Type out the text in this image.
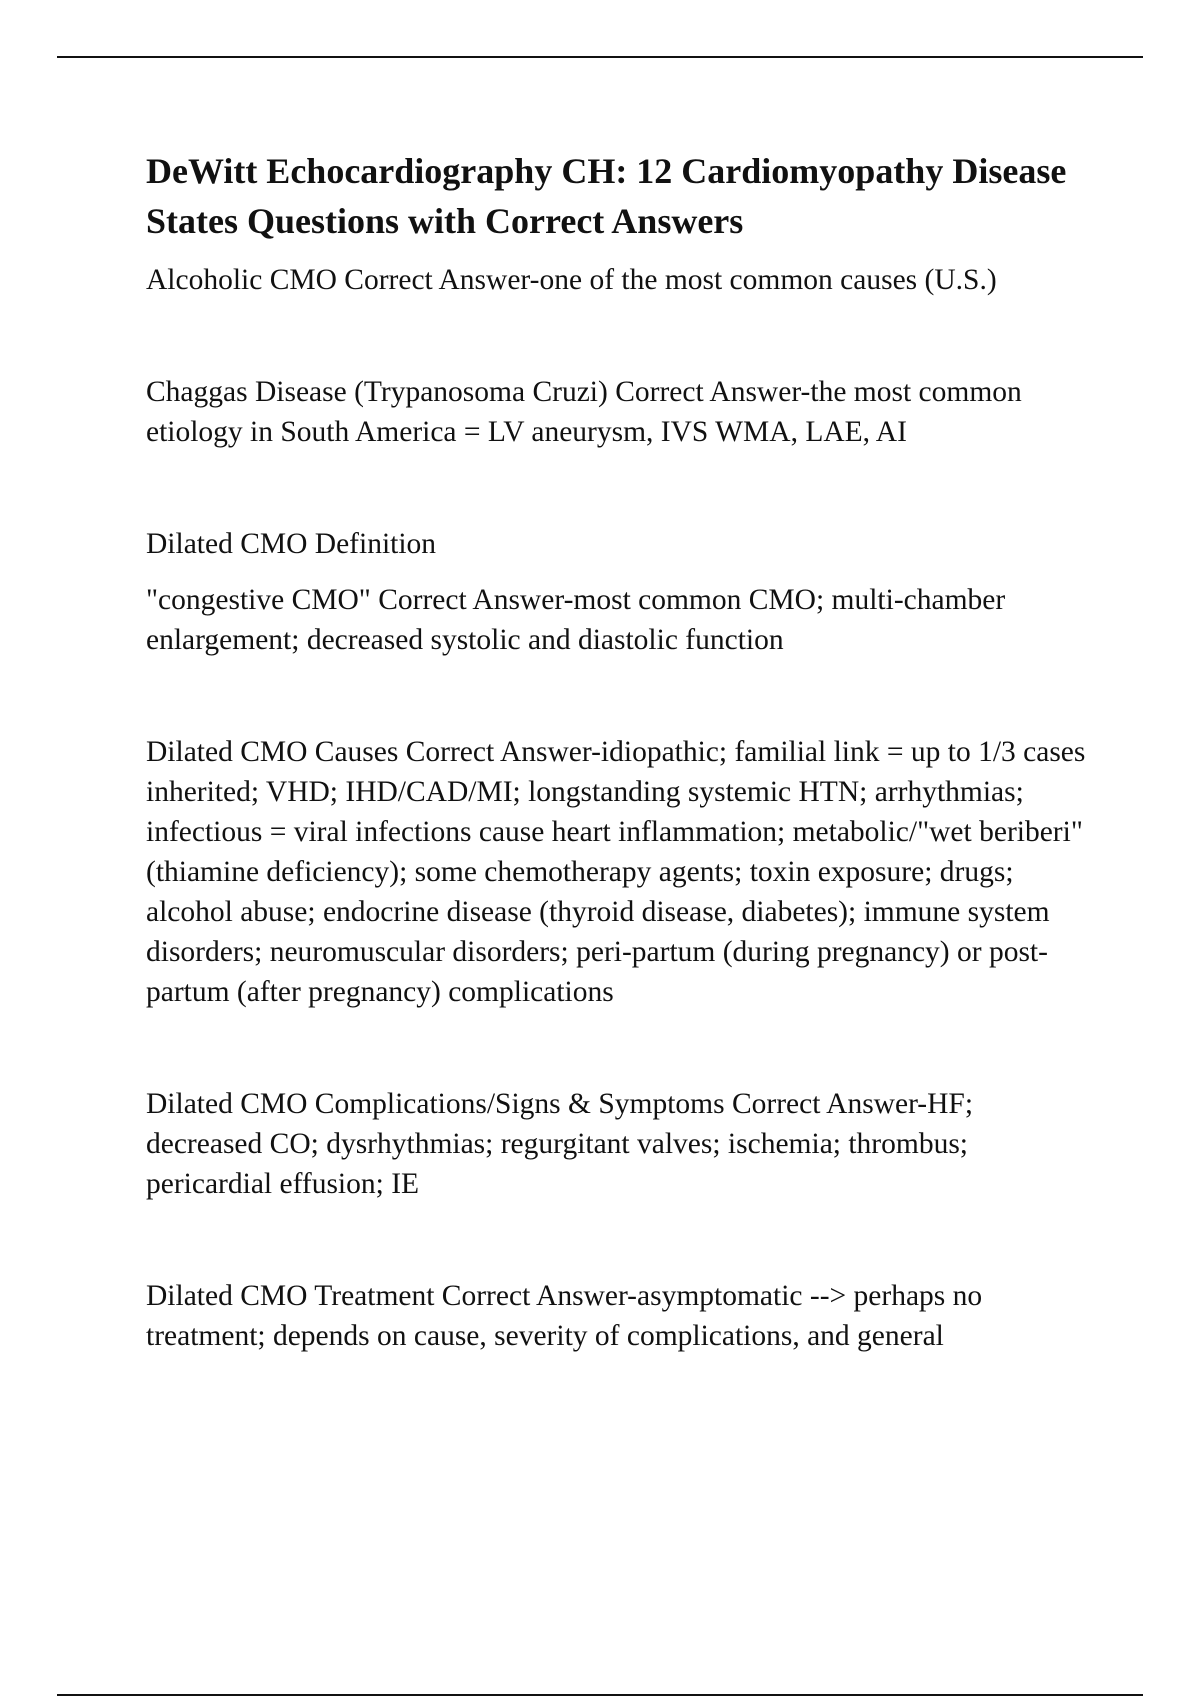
DeWitt Echocardiography CH: 12 Cardiomyopathy Disease States Questions with Correct Answers

Alcoholic CMO Correct Answer-one of the most common causes (U.S.)

Chaggas Disease (Trypanosoma Cruzi) Correct Answer-the most common etiology in South America = LV aneurysm, IVS WMA, LAE, AI

Dilated CMO Definition

"congestive CMO" Correct Answer-most common CMO; multi-chamber enlargement; decreased systolic and diastolic function

Dilated CMO Causes Correct Answer-idiopathic; familial link = up to 1/3 cases inherited; VHD; IHD/CAD/MI; longstanding systemic HTN; arrhythmias; infectious = viral infections cause heart inflammation; metabolic/"wet beriberi" (thiamine deficiency); some chemotherapy agents; toxin exposure; drugs; alcohol abuse; endocrine disease (thyroid disease, diabetes); immune system disorders; neuromuscular disorders; peri-partum (during pregnancy) or post-partum (after pregnancy) complications

Dilated CMO Complications/Signs & Symptoms Correct Answer-HF; decreased CO; dysrhythmias; regurgitant valves; ischemia; thrombus; pericardial effusion; IE

Dilated CMO Treatment Correct Answer-asymptomatic --> perhaps no treatment; depends on cause, severity of complications, and general
